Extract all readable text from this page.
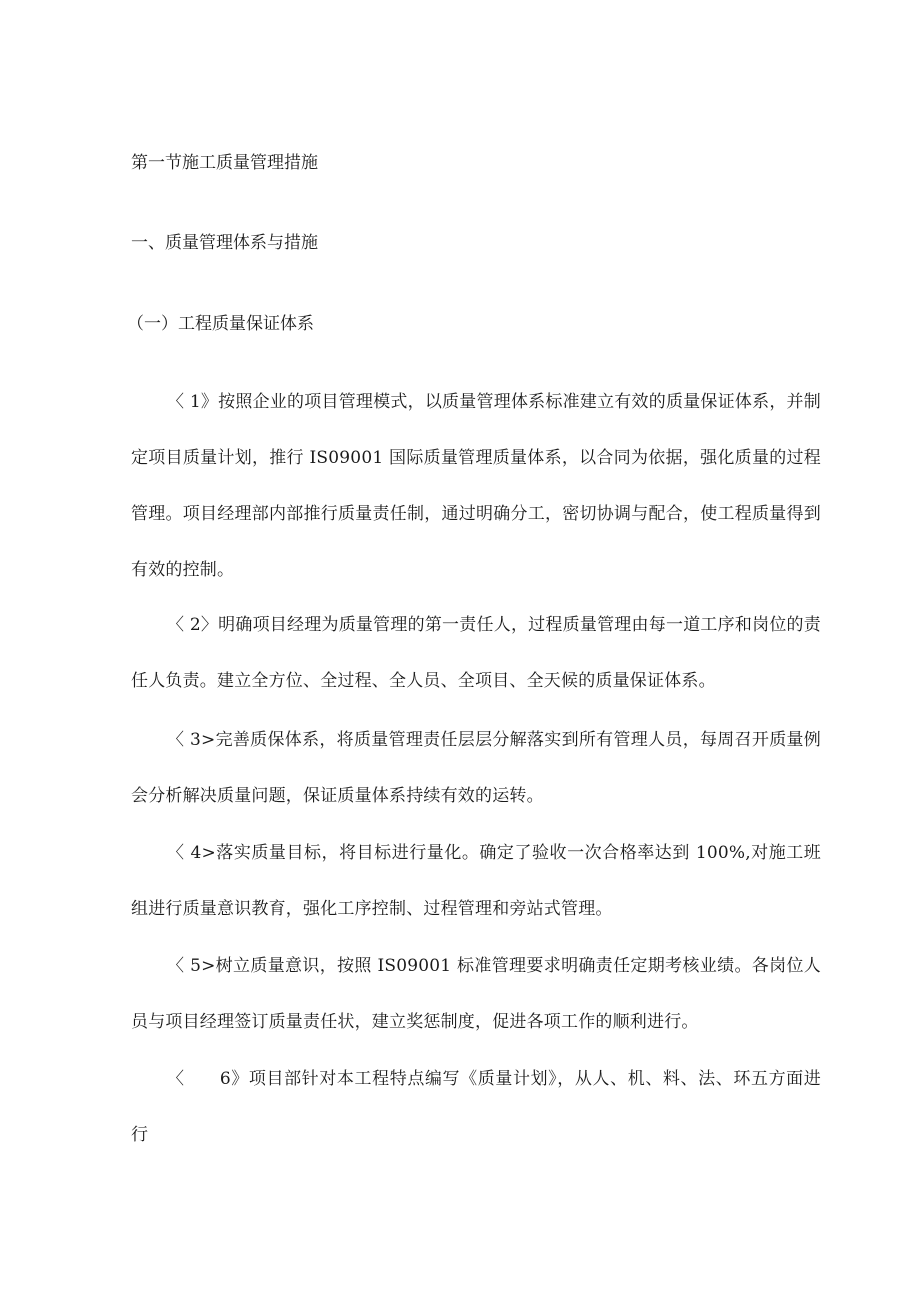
第一节施工质量管理措施
一、质量管理体系与措施
（一）工程质量保证体系

〈 1》按照企业的项目管理模式，以质量管理体系标准建立有效的质量保证体系，并制定项目质量计划，推行 IS09001 国际质量管理质量体系，以合同为依据，强化质量的过程管理。项目经理部内部推行质量责任制，通过明确分工，密切协调与配合，使工程质量得到有效的控制。

〈 2〉明确项目经理为质量管理的第一责任人，过程质量管理由每一道工序和岗位的责任人负责。建立全方位、全过程、全人员、全项目、全天候的质量保证体系。

〈 3>完善质保体系，将质量管理责任层层分解落实到所有管理人员，每周召开质量例会分析解决质量问题，保证质量体系持续有效的运转。

〈 4>落实质量目标，将目标进行量化。确定了验收一次合格率达到 100%,对施工班组进行质量意识教育，强化工序控制、过程管理和旁站式管理。

〈 5>树立质量意识，按照 IS09001 标准管理要求明确责任定期考核业绩。各岗位人员与项目经理签订质量责任状，建立奖惩制度，促进各项工作的顺利进行。

〈　　6》项目部针对本工程特点编写《质量计划》，从人、机、料、法、环五方面进行
